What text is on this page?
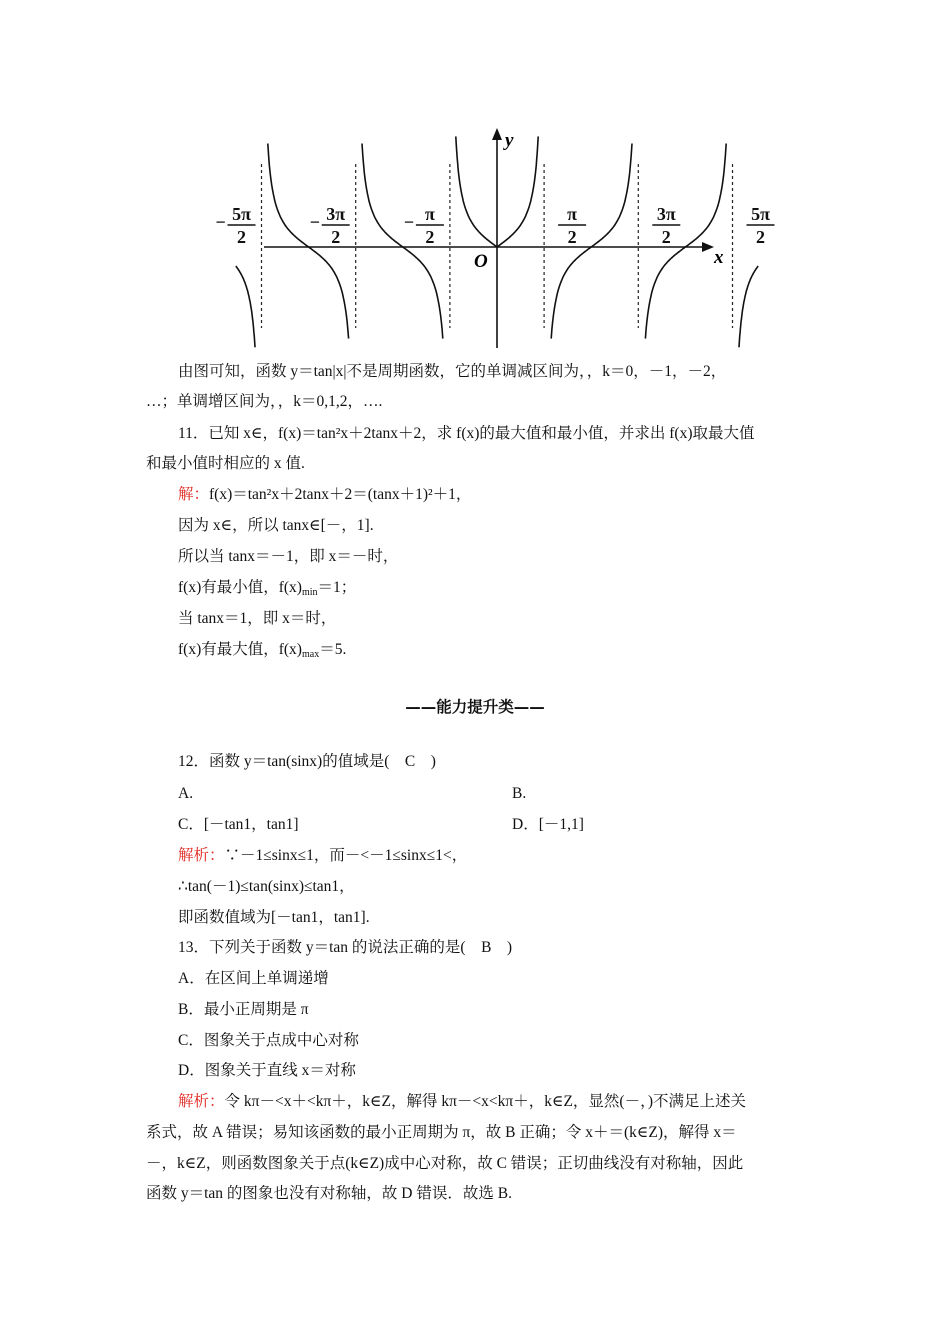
y
x
O
− 5π
2
− 3π
2
− π
2
π
2
3π
2
5π
2
由图可知，函数 y＝tan|x|不是周期函数，它的单调减区间为，，k＝0，－1，－2，
…；单调增区间为，，k＝0,1,2，….
11．已知 x∈，f(x)＝tan²x＋2tanx＋2，求 f(x)的最大值和最小值，并求出 f(x)取最大值
和最小值时相应的 x 值.
解：f(x)＝tan²x＋2tanx＋2＝(tanx＋1)²＋1，
因为 x∈，所以 tanx∈[－，1].
所以当 tanx＝－1，即 x＝－时，
f(x)有最小值，$f(x)_{min}=1$；
当 tanx＝1，即 x＝时，
f(x)有最大值，$f(x)_{max}=5$.
——能力提升类——
12．函数 y＝tan(sinx)的值域是(　C　)
A.	B.
C．[－tan1，tan1]	D．[－1,1]
解析：∵－1≤sinx≤1，而－<－1≤sinx≤1<，
∴tan(－1)≤tan(sinx)≤tan1，
即函数值域为[－tan1，tan1].
13．下列关于函数 y＝tan 的说法正确的是(　B　)
A．在区间上单调递增
B．最小正周期是 π
C．图象关于点成中心对称
D．图象关于直线 x＝对称
解析：令 kπ－<x＋<kπ＋，k∈Z，解得 kπ－<x<kπ＋，k∈Z，显然(－，)不满足上述关
系式，故 A 错误；易知该函数的最小正周期为 π，故 B 正确；令 x＋＝(k∈Z)，解得 x＝
－，k∈Z，则函数图象关于点(k∈Z)成中心对称，故 C 错误；正切曲线没有对称轴，因此
函数 y＝tan 的图象也没有对称轴，故 D 错误．故选 B.
